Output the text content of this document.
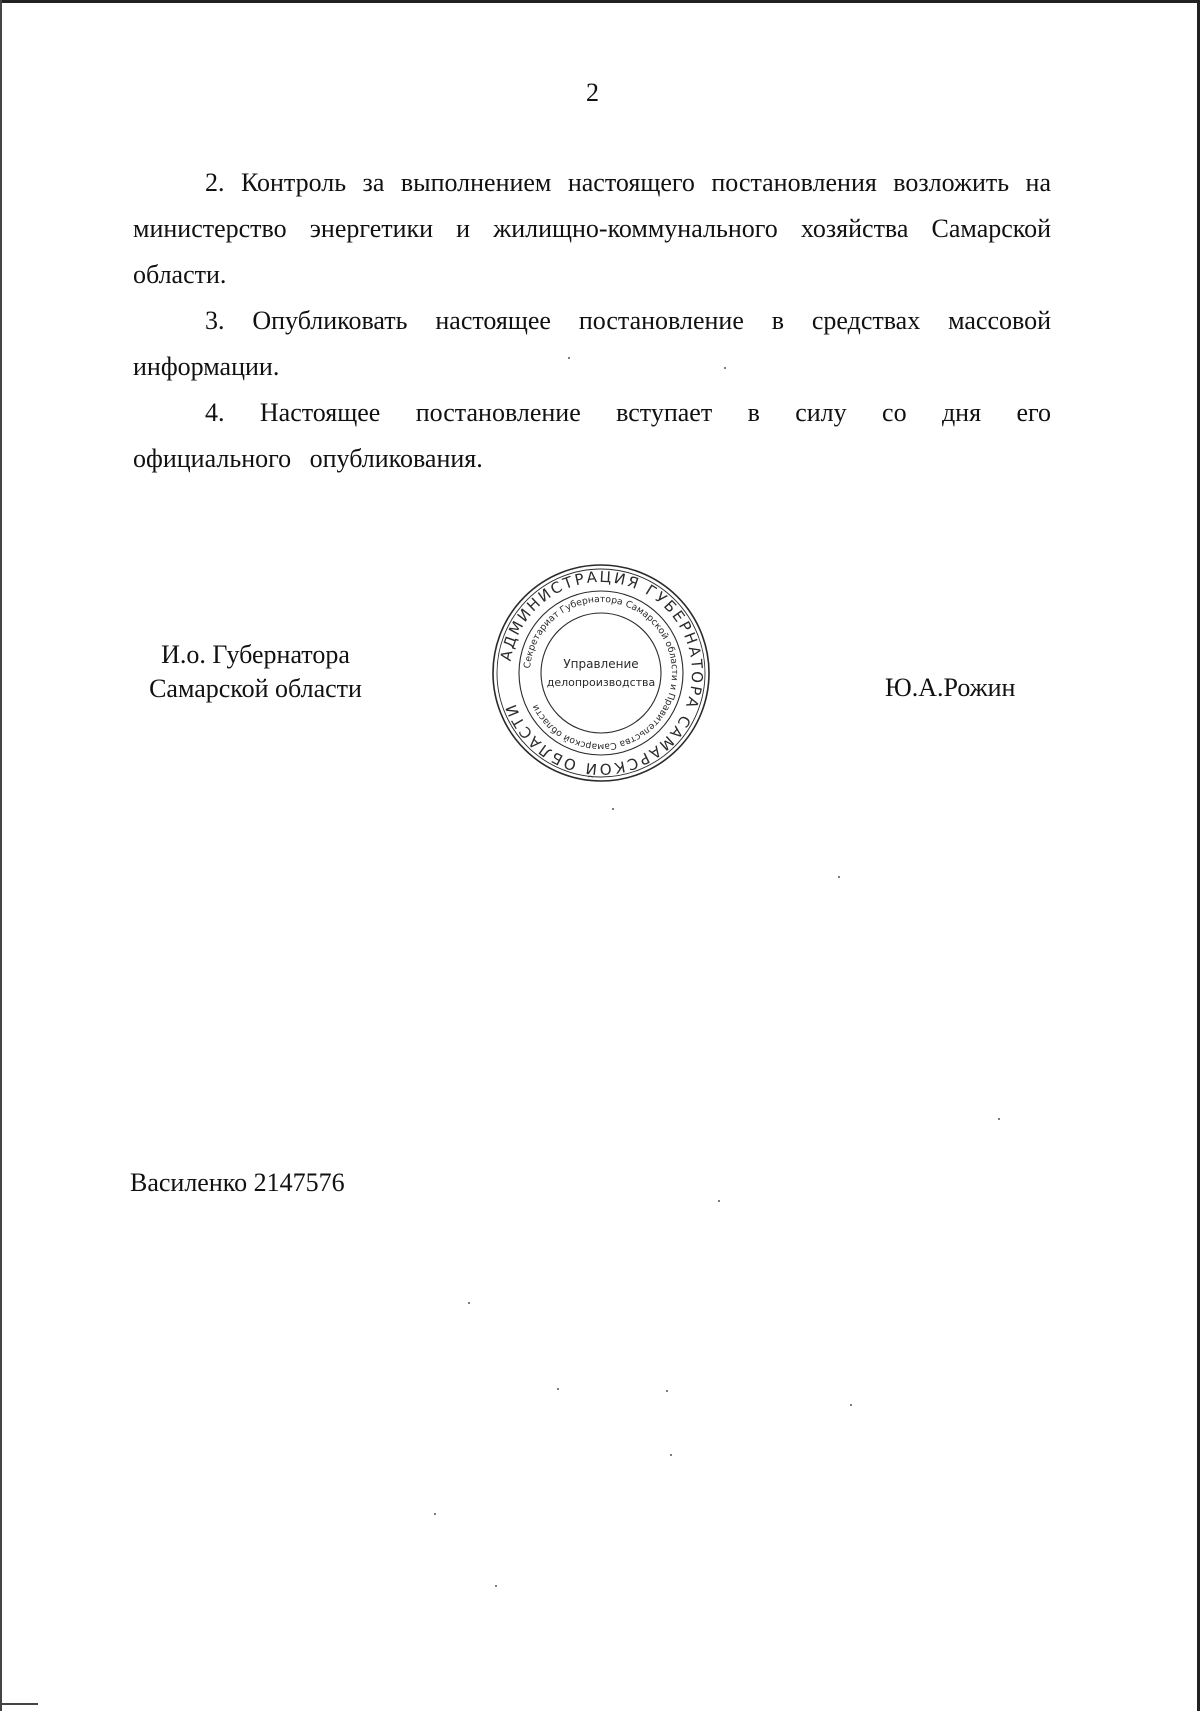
2

2. Контроль за выполнением настоящего постановления возложить на министерство энергетики и жилищно-коммунального хозяйства Самарской области.

3. Опубликовать настоящее постановление в средствах массовой информации.

4. Настоящее постановление вступает в силу со дня его официального опубликования.

И.о. Губернатора
Самарской области
АДМИНИСТРАЦИЯ ГУБЕРНАТОРА САМАРСКОЙ ОБЛАСТИ
Секретариат Губернатора Самарской области и Правительства Самарской области
Управление
делопроизводства	Ю.А.Рожин
Василенко 2147576
